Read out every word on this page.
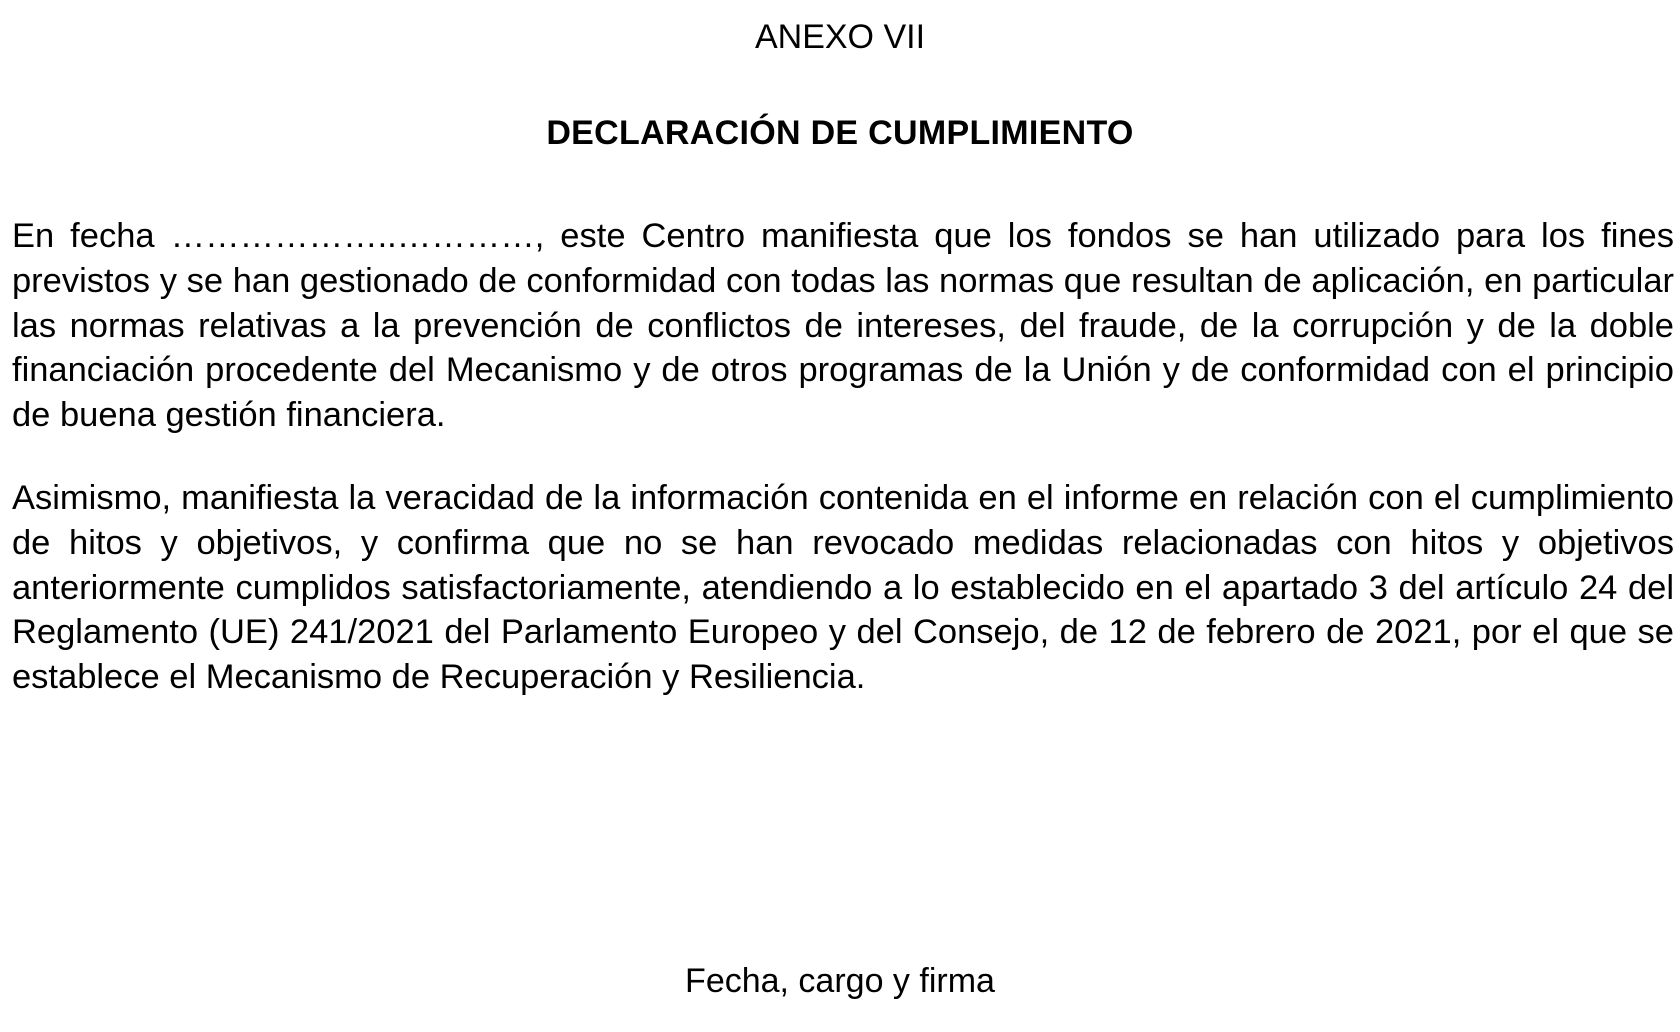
ANEXO VII
DECLARACIÓN DE CUMPLIMIENTO

En fecha ………………..…………, este Centro manifiesta que los fondos se han utilizado para los fines previstos y se han gestionado de conformidad con todas las normas que resultan de aplicación, en particular las normas relativas a la prevención de conflictos de intereses, del fraude, de la corrupción y de la doble financiación procedente del Mecanismo y de otros programas de la Unión y de conformidad con el principio de buena gestión financiera.

Asimismo, manifiesta la veracidad de la información contenida en el informe en relación con el cumplimiento de hitos y objetivos, y confirma que no se han revocado medidas relacionadas con hitos y objetivos anteriormente cumplidos satisfactoriamente, atendiendo a lo establecido en el apartado 3 del artículo 24 del Reglamento (UE) 241/2021 del Parlamento Europeo y del Consejo, de 12 de febrero de 2021, por el que se establece el Mecanismo de Recuperación y Resiliencia.

Fecha, cargo y firma
